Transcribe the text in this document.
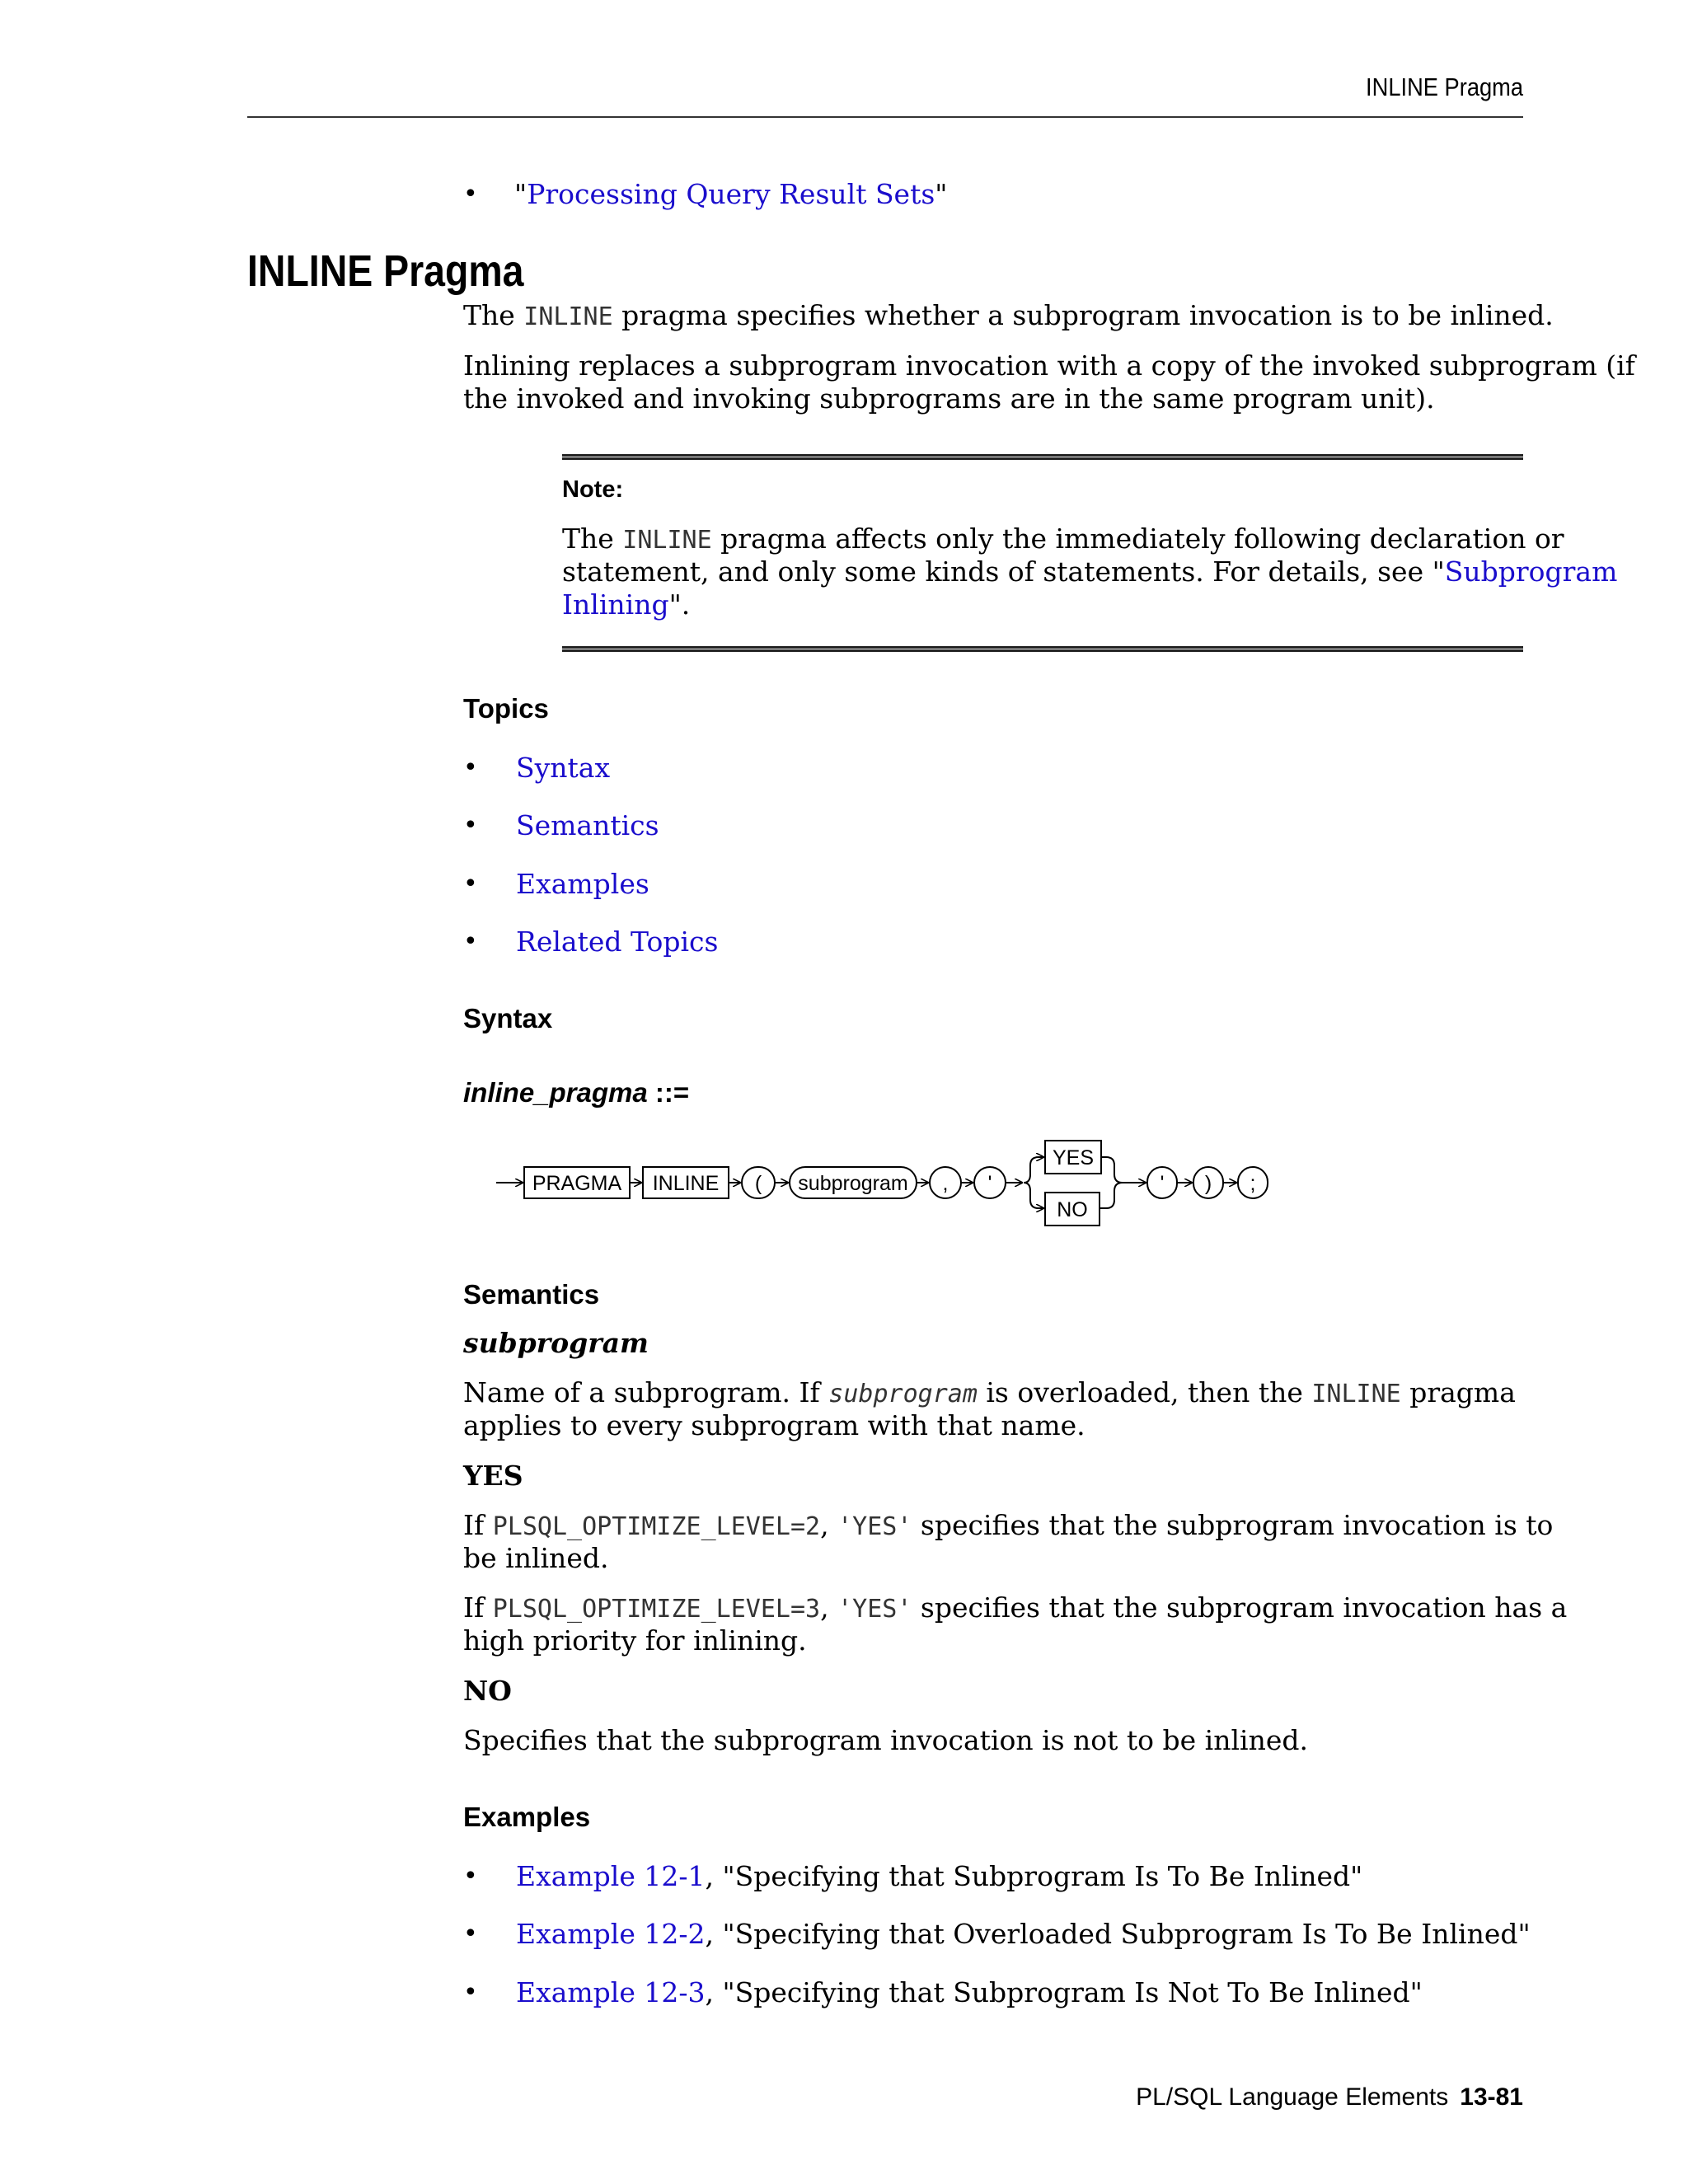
INLINE Pragma
• "Processing Query Result Sets"
INLINE Pragma
The INLINE pragma specifies whether a subprogram invocation is to be inlined.
Inlining replaces a subprogram invocation with a copy of the invoked subprogram (if
the invoked and invoking subprograms are in the same program unit).
Note:
The INLINE pragma affects only the immediately following declaration or
statement, and only some kinds of statements. For details, see "Subprogram
Inlining".
Topics
• Syntax
• Semantics
• Examples
• Related Topics
Syntax
inline_pragma ::=
PRAGMA INLINE ( subprogram , '
YES
NO
' ) ;
Semantics
subprogram
Name of a subprogram. If subprogram is overloaded, then the INLINE pragma
applies to every subprogram with that name.
YES
If PLSQL_OPTIMIZE_LEVEL=2, 'YES' specifies that the subprogram invocation is to
be inlined.
If PLSQL_OPTIMIZE_LEVEL=3, 'YES' specifies that the subprogram invocation has a
high priority for inlining.
NO
Specifies that the subprogram invocation is not to be inlined.
Examples
• Example 12-1, "Specifying that Subprogram Is To Be Inlined"
• Example 12-2, "Specifying that Overloaded Subprogram Is To Be Inlined"
• Example 12-3, "Specifying that Subprogram Is Not To Be Inlined"
PL/SQL Language Elements 13-81
